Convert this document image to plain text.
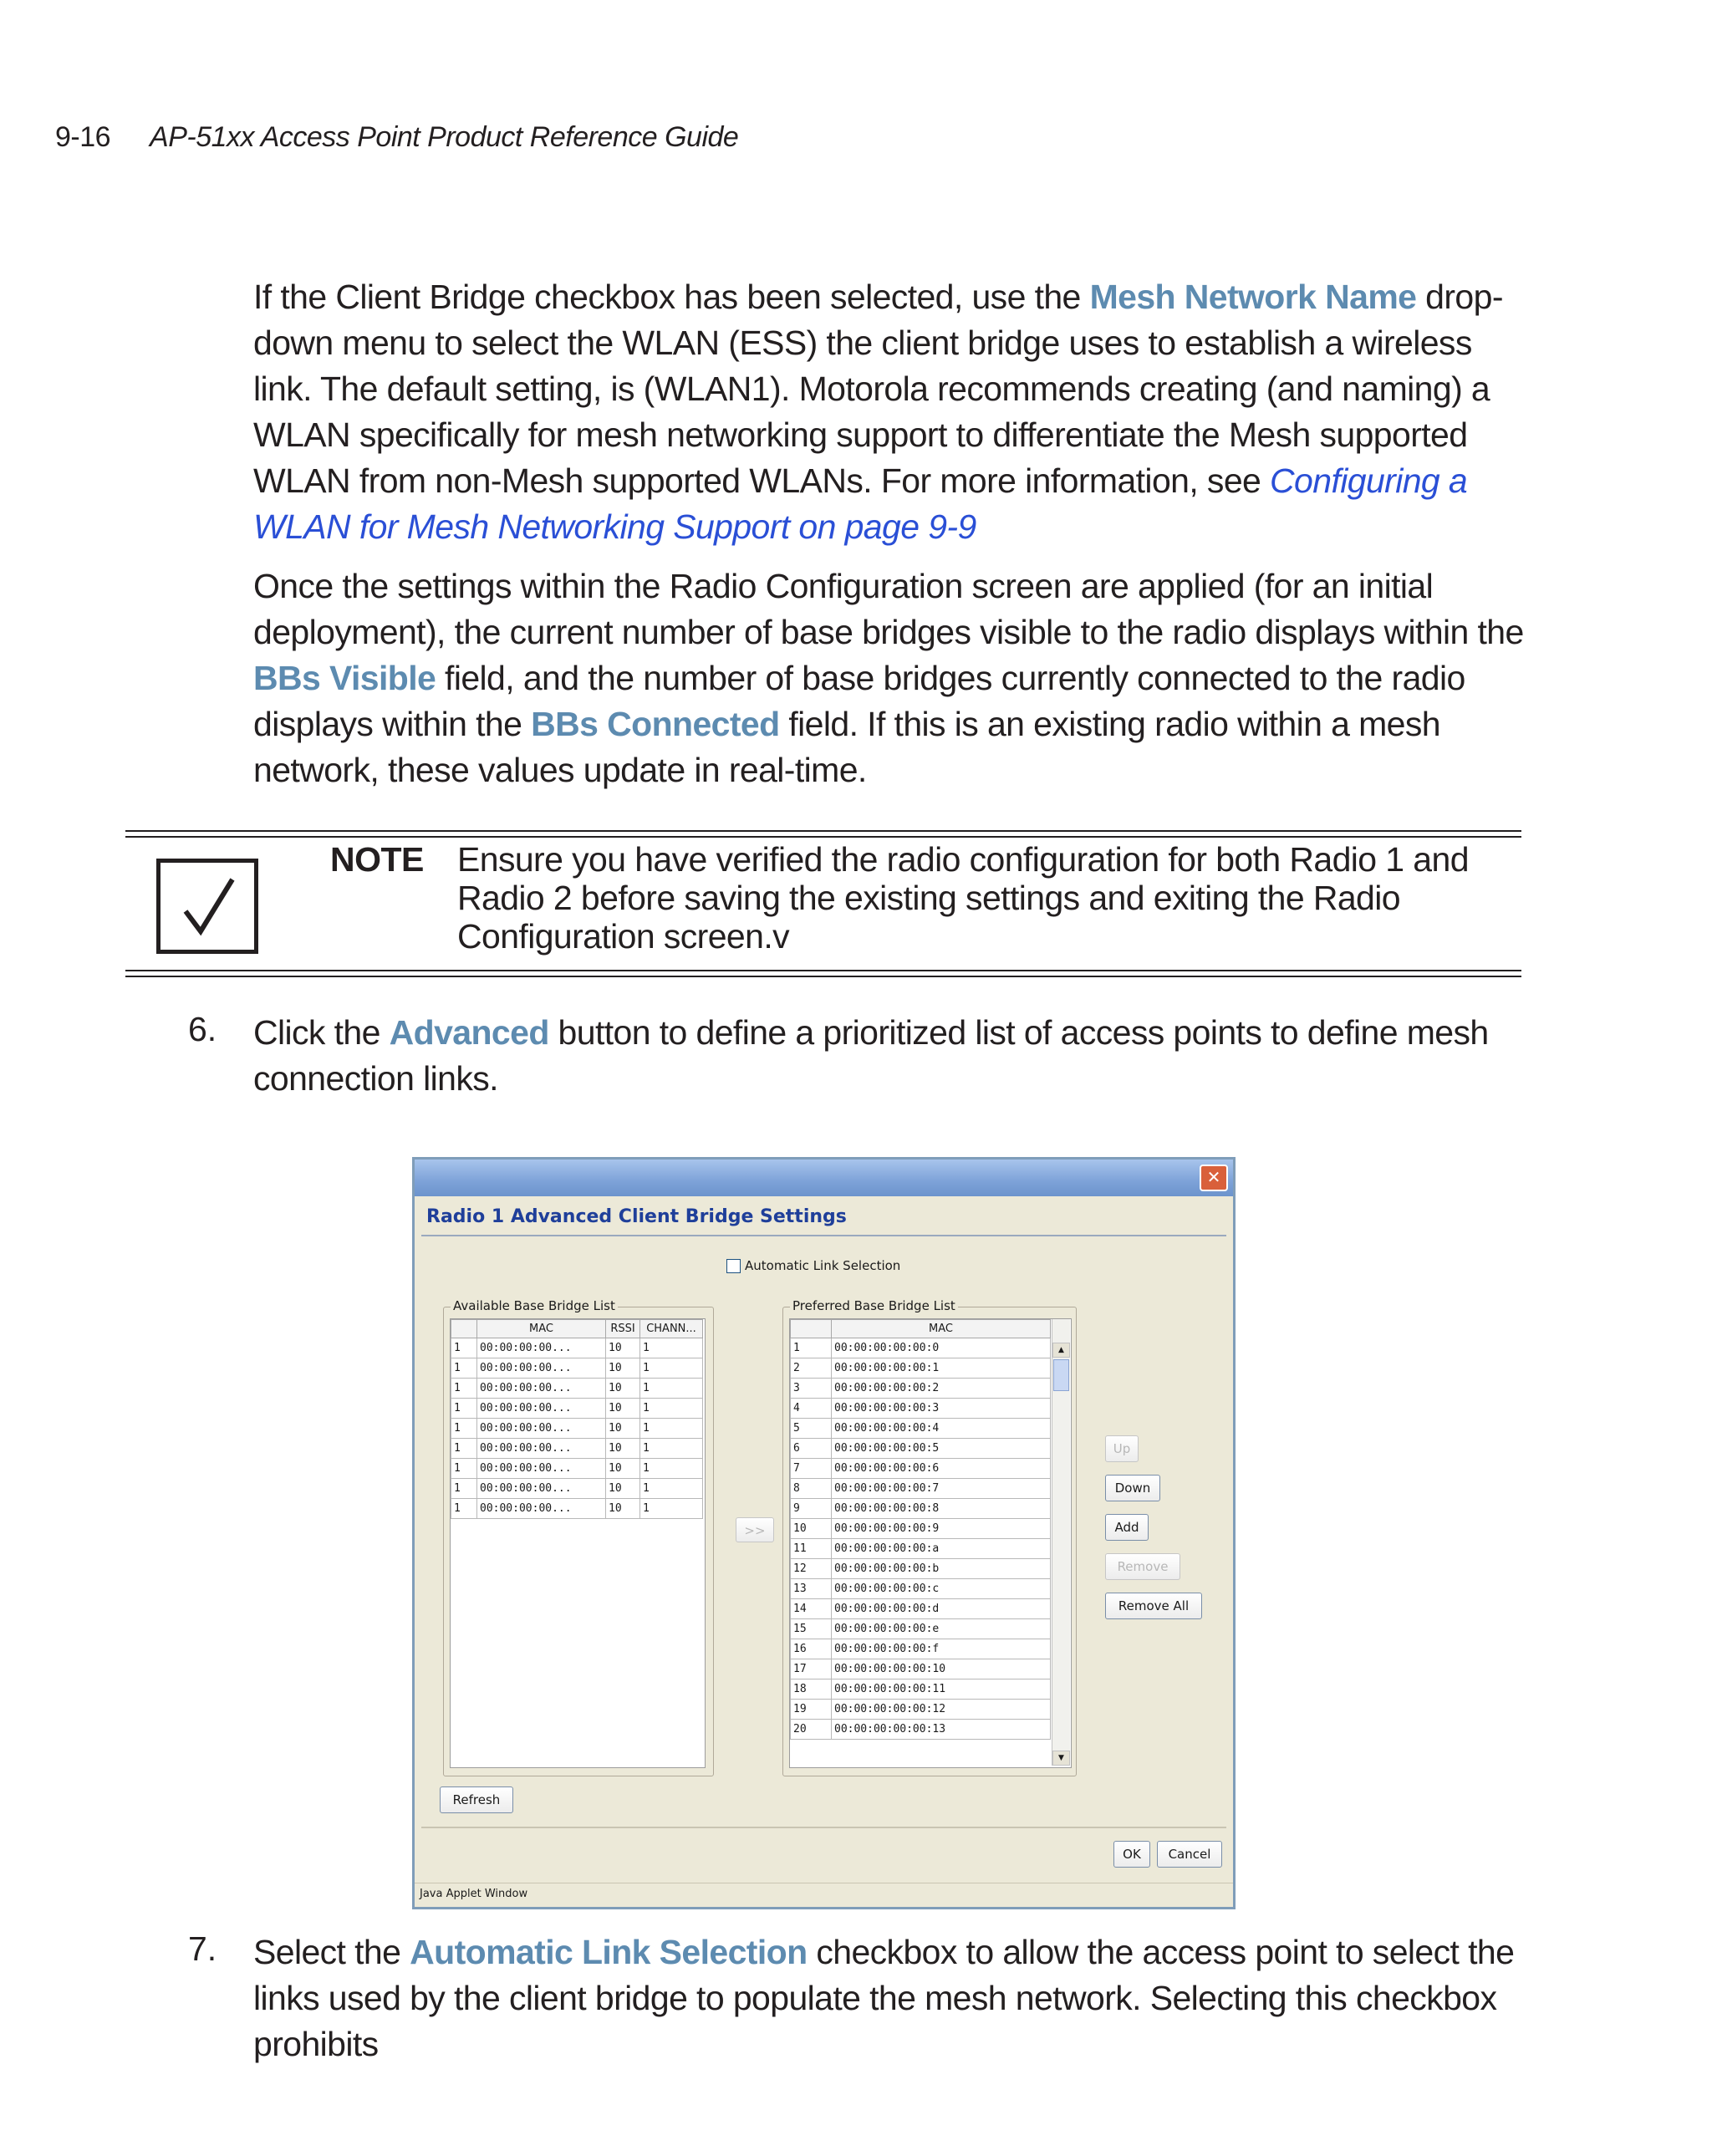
9-16 AP-51xx Access Point Product Reference Guide
If the Client Bridge checkbox has been selected, use the Mesh Network Name drop-down menu to select the WLAN (ESS) the client bridge uses to establish a wireless link. The default setting, is (WLAN1). Motorola recommends creating (and naming) a WLAN specifically for mesh networking support to differentiate the Mesh supported WLAN from non-Mesh supported WLANs. For more information, see Configuring a WLAN for Mesh Networking Support on page 9-9
Once the settings within the Radio Configuration screen are applied (for an initial deployment), the current number of base bridges visible to the radio displays within the BBs Visible field, and the number of base bridges currently connected to the radio displays within the BBs Connected field. If this is an existing radio within a mesh network, these values update in real-time.
NOTE Ensure you have verified the radio configuration for both Radio 1 and Radio 2 before saving the existing settings and exiting the Radio Configuration screen.v
6. Click the Advanced button to define a prioritized list of access points to define mesh connection links.
✕
Radio 1 Advanced Client Bridge Settings
Automatic Link Selection
Available Base Bridge List
	MAC	RSSI	CHANN...
1	00:00:00:00...	10	1
1	00:00:00:00...	10	1
1	00:00:00:00...	10	1
1	00:00:00:00...	10	1
1	00:00:00:00...	10	1
1	00:00:00:00...	10	1
1	00:00:00:00...	10	1
1	00:00:00:00...	10	1
1	00:00:00:00...	10	1
>>
Preferred Base Bridge List
	MAC
1	00:00:00:00:00:0
2	00:00:00:00:00:1
3	00:00:00:00:00:2
4	00:00:00:00:00:3
5	00:00:00:00:00:4
6	00:00:00:00:00:5
7	00:00:00:00:00:6
8	00:00:00:00:00:7
9	00:00:00:00:00:8
10	00:00:00:00:00:9
11	00:00:00:00:00:a
12	00:00:00:00:00:b
13	00:00:00:00:00:c
14	00:00:00:00:00:d
15	00:00:00:00:00:e
16	00:00:00:00:00:f
17	00:00:00:00:00:10
18	00:00:00:00:00:11
19	00:00:00:00:00:12
20	00:00:00:00:00:13
▲
▼
Up
Down
Add
Remove
Remove All
Refresh
OK	Cancel
Java Applet Window
7. Select the Automatic Link Selection checkbox to allow the access point to select the links used by the client bridge to populate the mesh network. Selecting this checkbox prohibits
